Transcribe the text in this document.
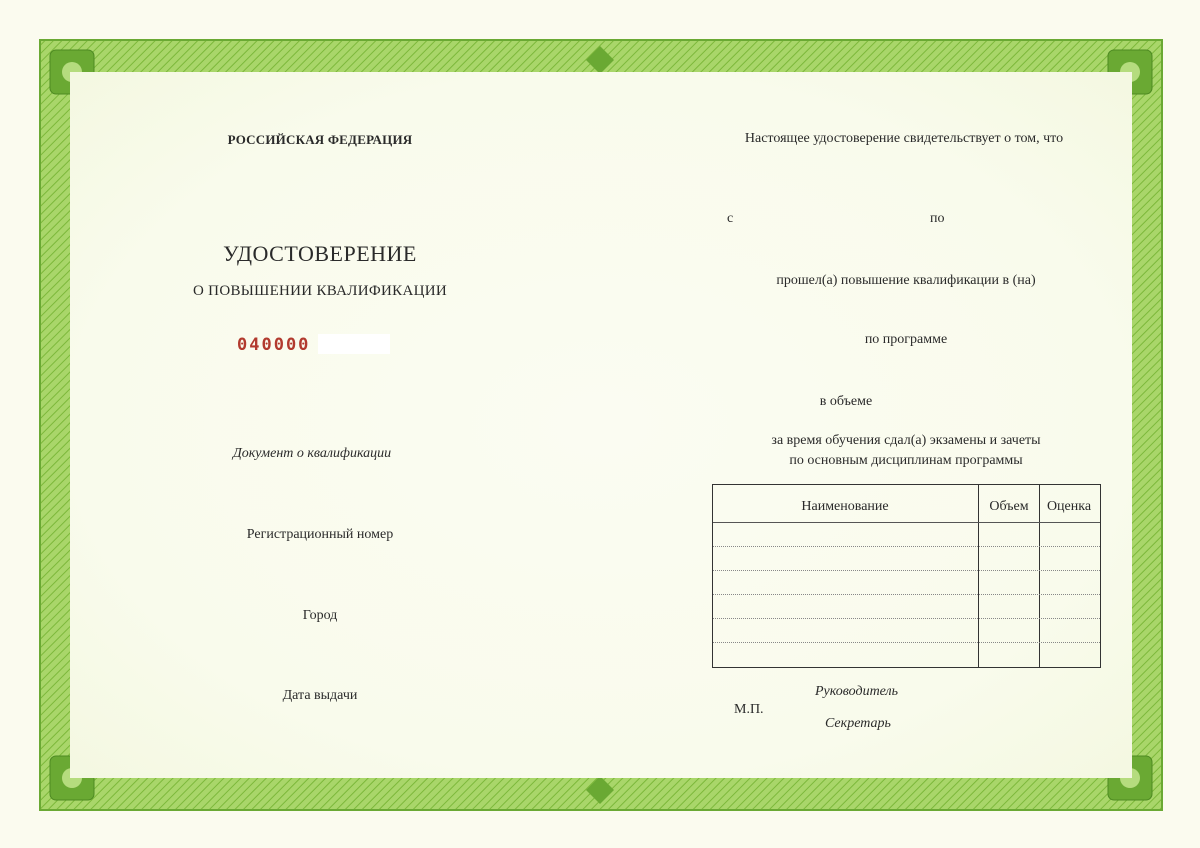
РОССИЙСКАЯ ФЕДЕРАЦИЯ
УДОСТОВЕРЕНИЕ
О ПОВЫШЕНИИ КВАЛИФИКАЦИИ
040000
Документ о квалификации
Регистрационный номер
Город
Дата выдачи
Настоящее удостоверение свидетельствует о том, что
с	по
прошел(а) повышение квалификации в (на)
по программе
в объеме
за время обучения сдал(а) экзамены и зачеты
по основным дисциплинам программы
Наименование	Объем Оценка
Руководитель
М.П.
Секретарь
